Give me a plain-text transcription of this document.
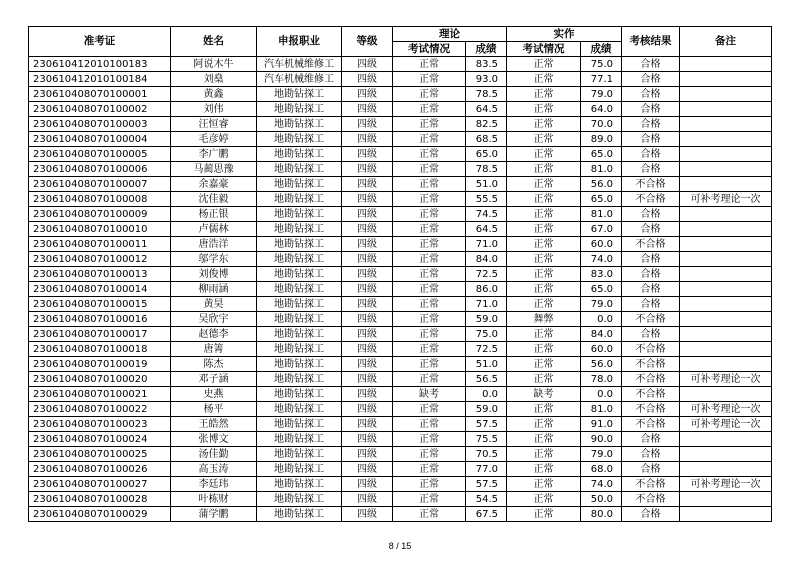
准考证	姓名	申报职业	等级	理论		实作		考核结果	备注
				考试情况	成绩	考试情况	成绩		
230610412010100183	阿说木牛	汽车机械维修工	四级	正常	83.5	正常	75.0	合格	
230610412010100184	刘燊	汽车机械维修工	四级	正常	93.0	正常	77.1	合格	
230610408070100001	黄鑫	地勘钻探工	四级	正常	78.5	正常	79.0	合格	
230610408070100002	刘伟	地勘钻探工	四级	正常	64.5	正常	64.0	合格	
230610408070100003	汪恒睿	地勘钻探工	四级	正常	82.5	正常	70.0	合格	
230610408070100004	毛彦婷	地勘钻探工	四级	正常	68.5	正常	89.0	合格	
230610408070100005	李广鹏	地勘钻探工	四级	正常	65.0	正常	65.0	合格	
230610408070100006	马蔺思豫	地勘钻探工	四级	正常	78.5	正常	81.0	合格	
230610408070100007	余嘉豪	地勘钻探工	四级	正常	51.0	正常	56.0	不合格	
230610408070100008	沈佳毅	地勘钻探工	四级	正常	55.5	正常	65.0	不合格	可补考理论一次
230610408070100009	杨正银	地勘钻探工	四级	正常	74.5	正常	81.0	合格	
230610408070100010	卢儒林	地勘钻探工	四级	正常	64.5	正常	67.0	合格	
230610408070100011	唐浩洋	地勘钻探工	四级	正常	71.0	正常	60.0	不合格	
230610408070100012	邬学东	地勘钻探工	四级	正常	84.0	正常	74.0	合格	
230610408070100013	刘俊博	地勘钻探工	四级	正常	72.5	正常	83.0	合格	
230610408070100014	柳雨涵	地勘钻探工	四级	正常	86.0	正常	65.0	合格	
230610408070100015	黄昊	地勘钻探工	四级	正常	71.0	正常	79.0	合格	
230610408070100016	吴欣宇	地勘钻探工	四级	正常	59.0	舞弊	0.0	不合格	
230610408070100017	赵德李	地勘钻探工	四级	正常	75.0	正常	84.0	合格	
230610408070100018	唐箐	地勘钻探工	四级	正常	72.5	正常	60.0	不合格	
230610408070100019	陈杰	地勘钻探工	四级	正常	51.0	正常	56.0	不合格	
230610408070100020	邓子涵	地勘钻探工	四级	正常	56.5	正常	78.0	不合格	可补考理论一次
230610408070100021	史燕	地勘钻探工	四级	缺考	0.0	缺考	0.0	不合格	
230610408070100022	杨平	地勘钻探工	四级	正常	59.0	正常	81.0	不合格	可补考理论一次
230610408070100023	王皓然	地勘钻探工	四级	正常	57.5	正常	91.0	不合格	可补考理论一次
230610408070100024	张博文	地勘钻探工	四级	正常	75.5	正常	90.0	合格	
230610408070100025	汤佳勤	地勘钻探工	四级	正常	70.5	正常	79.0	合格	
230610408070100026	高玉涛	地勘钻探工	四级	正常	77.0	正常	68.0	合格	
230610408070100027	李廷玮	地勘钻探工	四级	正常	57.5	正常	74.0	不合格	可补考理论一次
230610408070100028	叶栋财	地勘钻探工	四级	正常	54.5	正常	50.0	不合格	
230610408070100029	蒲学鹏	地勘钻探工	四级	正常	67.5	正常	80.0	合格	
8 / 15
